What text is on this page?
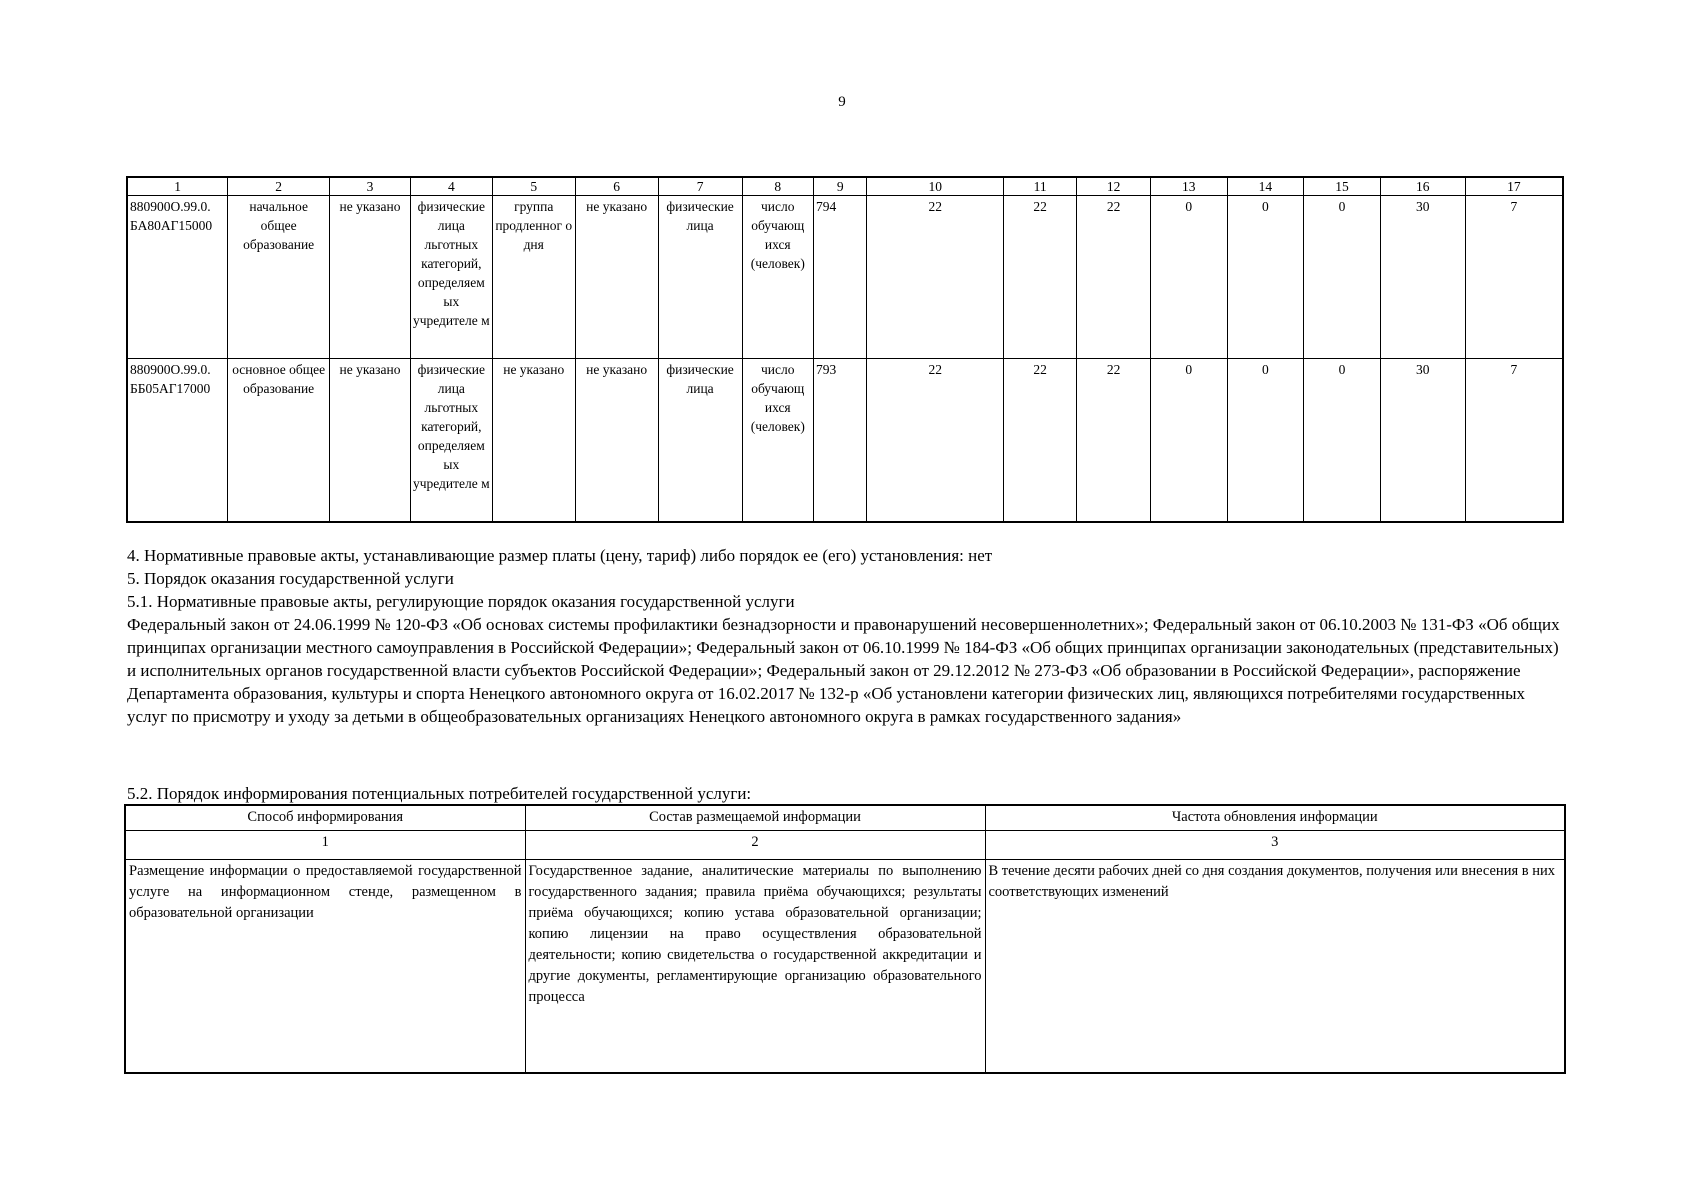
9
1	2	3	4	5	6	7	8	9	10	11	12	13	14	15	16	17
880900О.99.0. БА80АГ15000	начальное общее образование	не указано	физические лица льготных категорий, определяем ых учредителе м	группа продленног о дня	не указано	физические лица	число обучающ ихся (человек)	794	22	22	22	0	0	0	30	7
880900О.99.0. ББ05АГ17000	основное общее образование	не указано	физические лица льготных категорий, определяем ых учредителе м	не указано	не указано	физические лица	число обучающ ихся (человек)	793	22	22	22	0	0	0	30	7
4. Нормативные правовые акты, устанавливающие размер платы (цену, тариф) либо порядок ее (его) установления: нет
5. Порядок оказания государственной услуги
5.1. Нормативные правовые акты, регулирующие порядок оказания государственной услуги
Федеральный закон от 24.06.1999 № 120-ФЗ «Об основах системы профилактики безнадзорности и правонарушений несовершеннолетних»; Федеральный закон от 06.10.2003 № 131-ФЗ «Об общих принципах организации местного самоуправления в Российской Федерации»; Федеральный закон от 06.10.1999 № 184-ФЗ «Об общих принципах организации законодательных (представительных) и исполнительных органов государственной власти субъектов Российской Федерации»; Федеральный закон от 29.12.2012 № 273-ФЗ «Об образовании в Российской Федерации», распоряжение Департамента образования, культуры и спорта Ненецкого автономного округа от 16.02.2017 № 132-р «Об установлени категории физических лиц, являющихся потребителями государственных услуг по присмотру и уходу за детьми в общеобразовательных организациях Ненецкого автономного округа в рамках государственного задания»
5.2. Порядок информирования потенциальных потребителей государственной услуги:
Способ информирования	Состав размещаемой информации	Частота обновления информации
1	2	3
Размещение информации о предоставляемой государственной услуге на информационном стенде, размещенном в образовательной организации	Государственное задание, аналитические материалы по выполнению государственного задания; правила приёма обучающихся; результаты приёма обучающихся; копию устава образовательной организации; копию лицензии на право осуществления образовательной деятельности; копию свидетельства о государственной аккредитации и другие документы, регламентирующие организацию образовательного процесса	В течение десяти рабочих дней со дня создания документов, получения или внесения в них соответствующих изменений
